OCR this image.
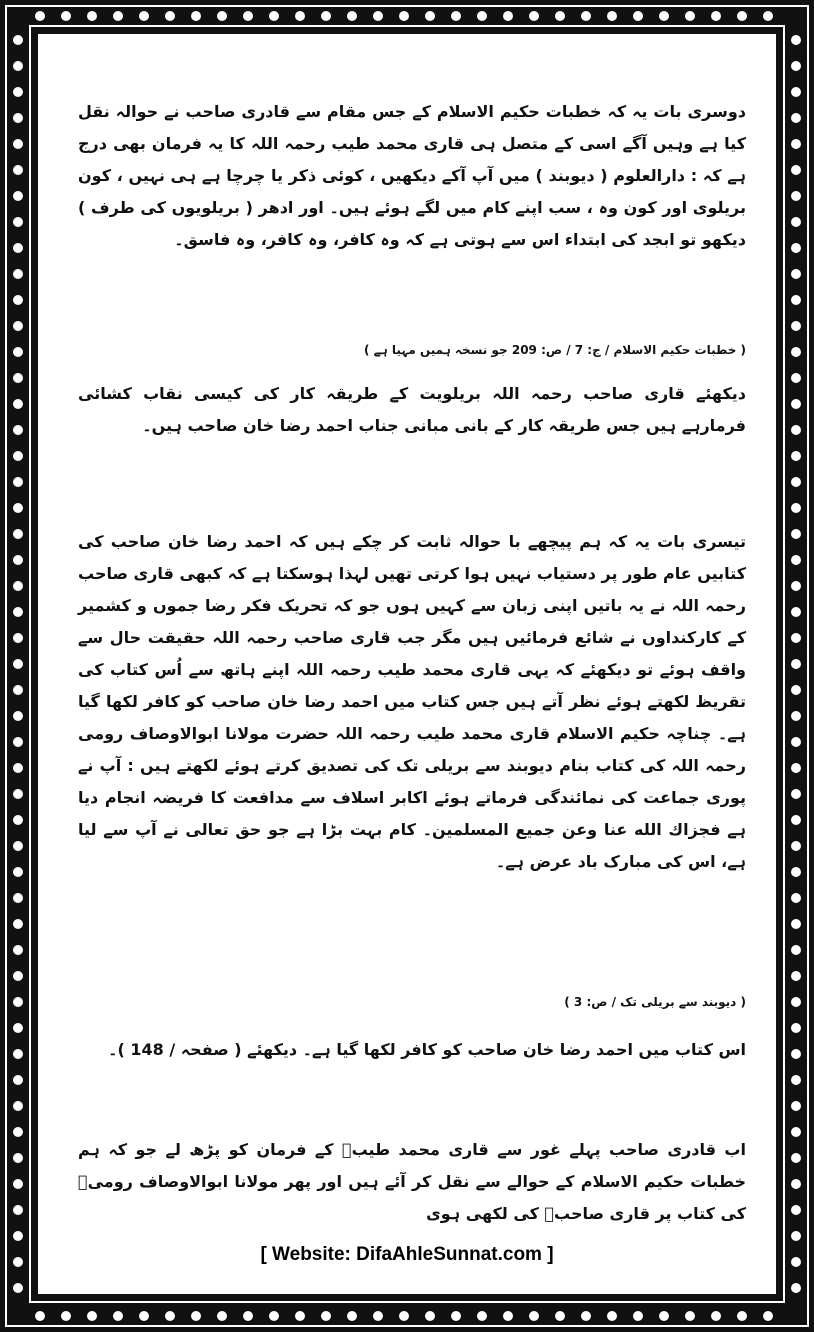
دوسری بات یہ کہ خطبات حکیم الاسلام کے جس مقام سے قادری صاحب نے حوالہ نقل کیا ہے وہیں آگے اسی کے متصل ہی قاری محمد طیب رحمہ اللہ کا یہ فرمان بھی درج ہے کہ : دارالعلوم ( دیوبند ) میں آپ آکے دیکھیں ، کوئی ذکر یا چرچا ہے ہی نہیں ، کون بریلوی اور کون وہ ، سب اپنے کام میں لگے ہوئے ہیں۔ اور ادھر ( بریلویوں کی طرف ) دیکھو تو ابجد کی ابتداء اس سے ہوتی ہے کہ وہ کافر، وہ کافر، وہ فاسق۔

( خطبات حکیم الاسلام / ج: 7 / ص: 209 جو نسخہ ہمیں مہیا ہے )

دیکھئے قاری صاحب رحمہ اللہ بریلویت کے طریقہ کار کی کیسی نقاب کشائی فرمارہے ہیں جس طریقہ کار کے بانی مبانی جناب احمد رضا خان صاحب ہیں۔

تیسری بات یہ کہ ہم پیچھے با حوالہ ثابت کر چکے ہیں کہ احمد رضا خان صاحب کی کتابیں عام طور پر دستیاب نہیں ہوا کرتی تھیں لہذا ہوسکتا ہے کہ کبھی قاری صاحب رحمہ اللہ نے یہ باتیں اپنی زبان سے کہیں ہوں جو کہ تحریک فکر رضا جموں و کشمیر کے کارکنداوں نے شائع فرمائیں ہیں مگر جب قاری صاحب رحمہ اللہ حقیقت حال سے واقف ہوئے تو دیکھئے کہ یہی قاری محمد طیب رحمہ اللہ اپنے ہاتھ سے اُس کتاب کی تقریظ لکھتے ہوئے نظر آتے ہیں جس کتاب میں احمد رضا خان صاحب کو کافر لکھا گیا ہے۔ چناچہ حکیم الاسلام قاری محمد طیب رحمہ اللہ حضرت مولانا ابوالاوصاف رومی رحمہ اللہ کی کتاب بنام دیوبند سے بریلی تک کی تصدیق کرتے ہوئے لکھتے ہیں : آپ نے پوری جماعت کی نمائندگی فرماتے ہوئے اکابر اسلاف سے مدافعت کا فریضہ انجام دیا ہے فجزاك الله عنا وعن جميع المسلمين۔ کام بہت بڑا ہے جو حق تعالی نے آپ سے لیا ہے، اس کی مبارک باد عرض ہے۔

( دیوبند سے بریلی تک / ص: 3 )

اس کتاب میں احمد رضا خان صاحب کو کافر لکھا گیا ہے۔ دیکھئے ( صفحہ / 148 )۔

اب قادری صاحب پہلے غور سے قاری محمد طیبؒ کے فرمان کو پڑھ لے جو کہ ہم خطبات حکیم الاسلام کے حوالے سے نقل کر آئے ہیں اور پھر مولانا ابوالاوصاف رومیؒ کی کتاب پر قاری صاحبؒ کی لکھی ہوی

[ Website: DifaAhleSunnat.com ]
